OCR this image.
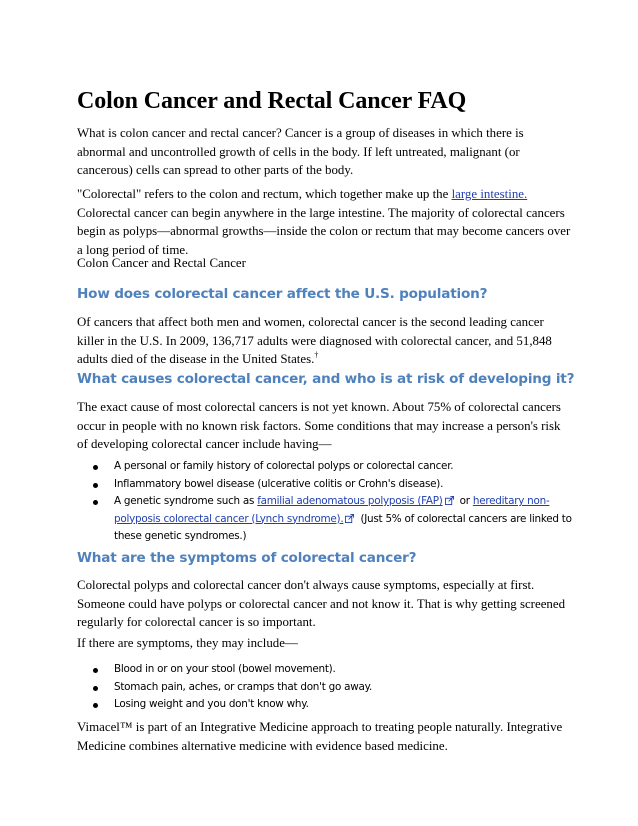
Colon Cancer and Rectal Cancer FAQ

What is colon cancer and rectal cancer? Cancer is a group of diseases in which there is abnormal and uncontrolled growth of cells in the body. If left untreated, malignant (or cancerous) cells can spread to other parts of the body.

"Colorectal" refers to the colon and rectum, which together make up the large intestine. Colorectal cancer can begin anywhere in the large intestine. The majority of colorectal cancers begin as polyps—abnormal growths—inside the colon or rectum that may become cancers over a long period of time.

Colon Cancer and Rectal Cancer

How does colorectal cancer affect the U.S. population?

Of cancers that affect both men and women, colorectal cancer is the second leading cancer killer in the U.S. In 2009, 136,717 adults were diagnosed with colorectal cancer, and 51,848 adults died of the disease in the United States.†

What causes colorectal cancer, and who is at risk of developing it?

The exact cause of most colorectal cancers is not yet known. About 75% of colorectal cancers occur in people with no known risk factors. Some conditions that may increase a person's risk of developing colorectal cancer include having—

A personal or family history of colorectal polyps or colorectal cancer.
Inflammatory bowel disease (ulcerative colitis or Crohn's disease).
A genetic syndrome such as familial adenomatous polyposis (FAP) or hereditary non-polyposis colorectal cancer (Lynch syndrome). (Just 5% of colorectal cancers are linked to these genetic syndromes.)
What are the symptoms of colorectal cancer?

Colorectal polyps and colorectal cancer don't always cause symptoms, especially at first. Someone could have polyps or colorectal cancer and not know it. That is why getting screened regularly for colorectal cancer is so important.

If there are symptoms, they may include—

Blood in or on your stool (bowel movement).
Stomach pain, aches, or cramps that don't go away.
Losing weight and you don't know why.

Vimacel™ is part of an Integrative Medicine approach to treating people naturally. Integrative Medicine combines alternative medicine with evidence based medicine.
